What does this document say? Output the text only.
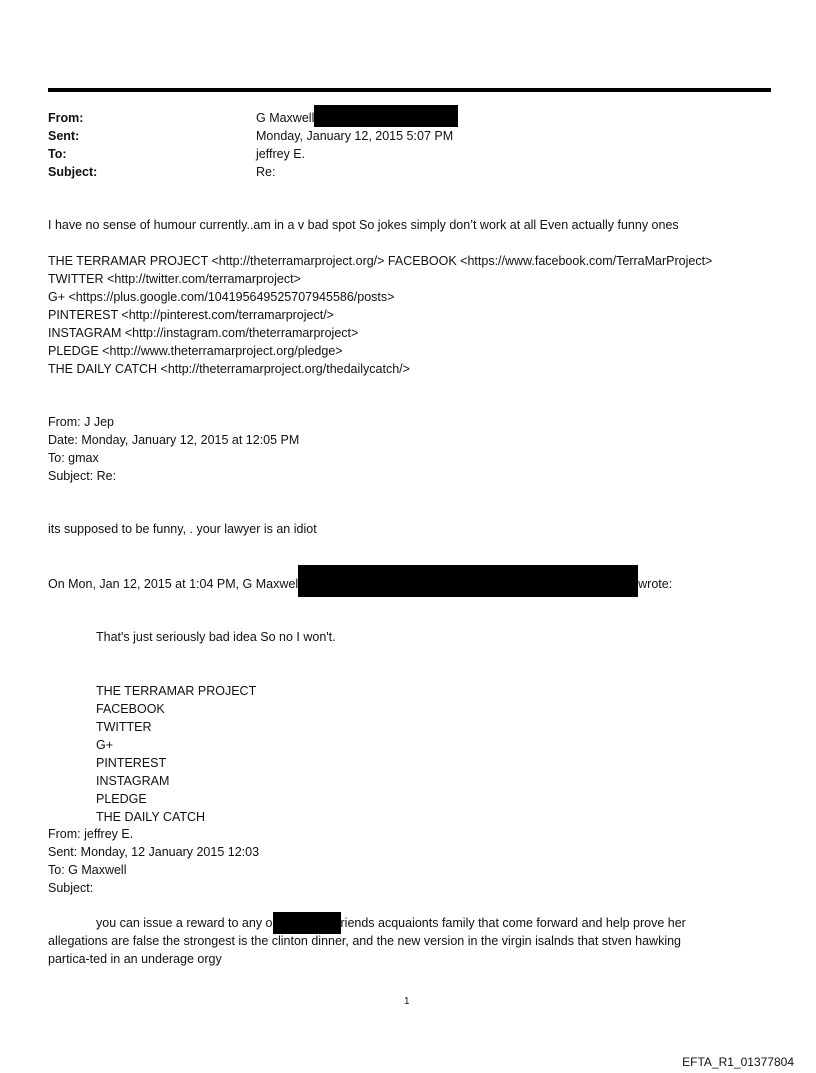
From:	G Maxwell
Sent:	Monday, January 12, 2015 5:07 PM
To:	jeffrey E.
Subject:	Re:
I have no sense of humour currently..am in a v bad spot So jokes simply don’t work at all Even actually funny ones
THE TERRAMAR PROJECT <http://theterramarproject.org/> FACEBOOK <https://www.facebook.com/TerraMarProject>
TWITTER <http://twitter.com/terramarproject>
G+ <https://plus.google.com/104195649525707945586/posts>
PINTEREST <http://pinterest.com/terramarproject/>
INSTAGRAM <http://instagram.com/theterramarproject>
PLEDGE <http://www.theterramarproject.org/pledge>
THE DAILY CATCH <http://theterramarproject.org/thedailycatch/>
From: J Jep
Date: Monday, January 12, 2015 at 12:05 PM
To: gmax
Subject: Re:
its supposed to be funny, . your lawyer is an idiot
On Mon, Jan 12, 2015 at 1:04 PM, G Maxwel	wrote:
That's just seriously bad idea So no I won't.
THE TERRAMAR PROJECT
FACEBOOK
TWITTER
G+
PINTEREST
INSTAGRAM
PLEDGE
THE DAILY CATCH
From: jeffrey E.
Sent: Monday, 12 January 2015 12:03
To: G Maxwell
Subject:
you can issue a reward to any o	riends acquaionts family that come forward and help prove her
allegations are false the strongest is the clinton dinner, and the new version in the virgin isalnds that stven hawking
partica-ted in an underage orgy
1
EFTA_R1_01377804
